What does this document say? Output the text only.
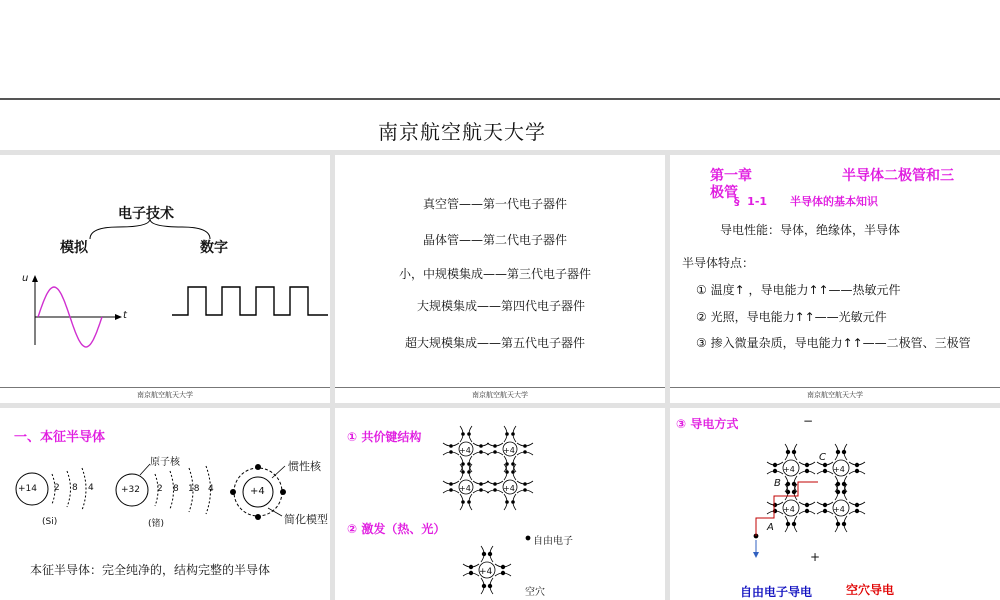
南京航空航天大学
电子技术
模拟	数字
u
t
南京航空航天大学
真空管——第一代电子器件
晶体管——第二代电子器件
小，中规模集成——第三代电子器件
大规模集成——第四代电子器件
超大规模集成——第五代电子器件
南京航空航天大学
第一章	半导体二极管和三
极管
§  1-1      半导体的基本知识
导电性能：导体，绝缘体，半导体
半导体特点：
① 温度↑ ，导电能力↑↑——热敏元件
② 光照，导电能力↑↑——光敏元件
③ 掺入微量杂质，导电能力↑↑——二极管、三极管
南京航空航天大学
一、本征半导体
+14 2 8 4
(Si)
+32 2 8 18 4
(锗)
原子核
+4
惯性核
简化模型
本征半导体：完全纯净的，结构完整的半导体
① 共价键结构
② 激发（热、光）
+4	+4
+4	+4
+4
自由电子
空穴
③ 导电方式	−
+
+4	+4
+4	+4
A
B
C
自由电子导电	空穴导电
